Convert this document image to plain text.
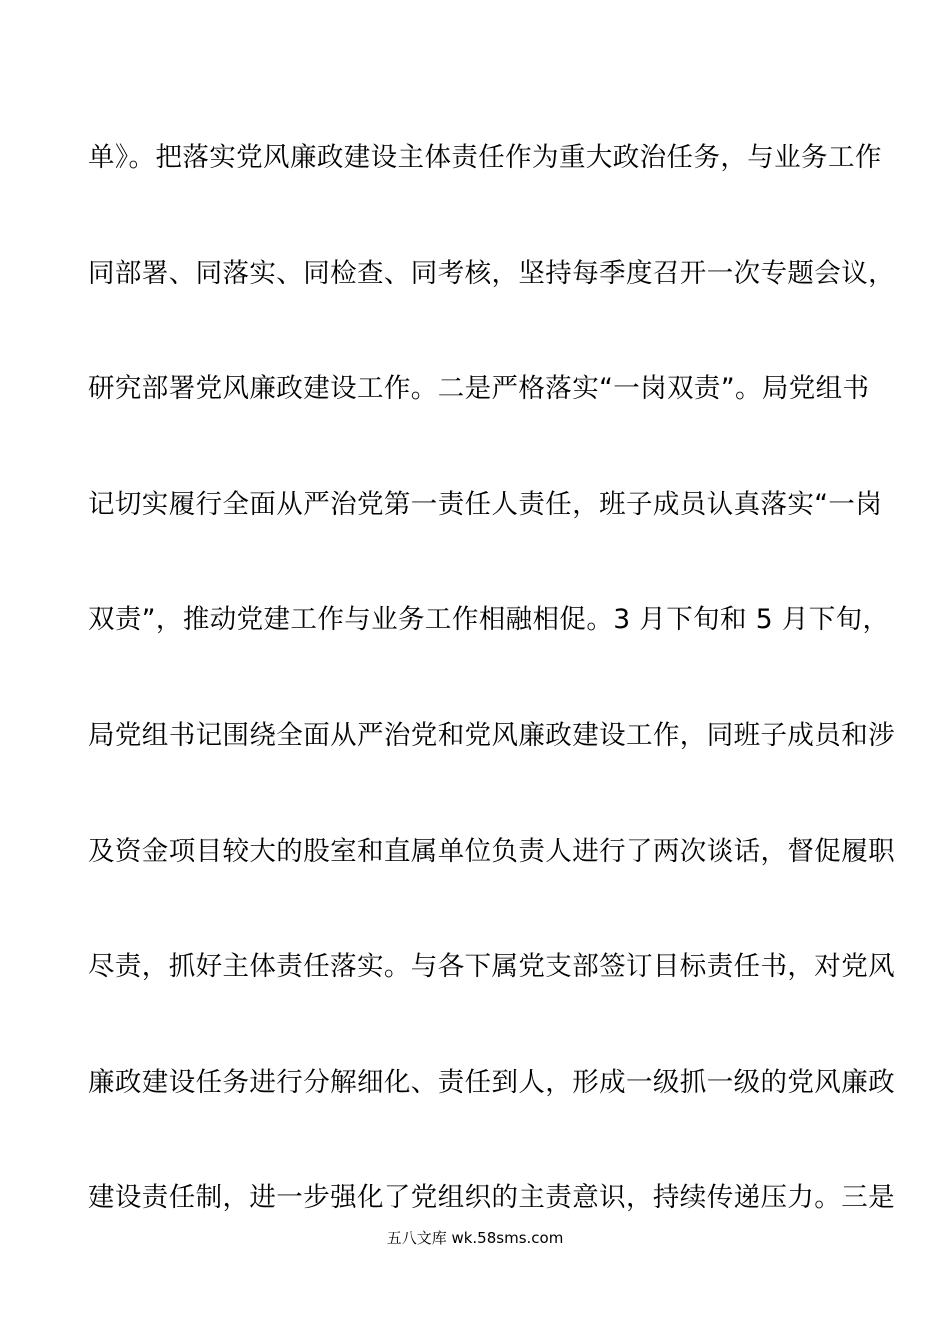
单》。把落实党风廉政建设主体责任作为重大政治任务，与业务工作
同部署、同落实、同检查、同考核，坚持每季度召开一次专题会议，
研究部署党风廉政建设工作。二是严格落实“一岗双责”。局党组书
记切实履行全面从严治党第一责任人责任，班子成员认真落实“一岗
双责”，推动党建工作与业务工作相融相促。3 月下旬和 5 月下旬，
局党组书记围绕全面从严治党和党风廉政建设工作，同班子成员和涉
及资金项目较大的股室和直属单位负责人进行了两次谈话，督促履职
尽责，抓好主体责任落实。与各下属党支部签订目标责任书，对党风
廉政建设任务进行分解细化、责任到人，形成一级抓一级的党风廉政
建设责任制，进一步强化了党组织的主责意识，持续传递压力。三是
五八文库 wk.58sms.com
